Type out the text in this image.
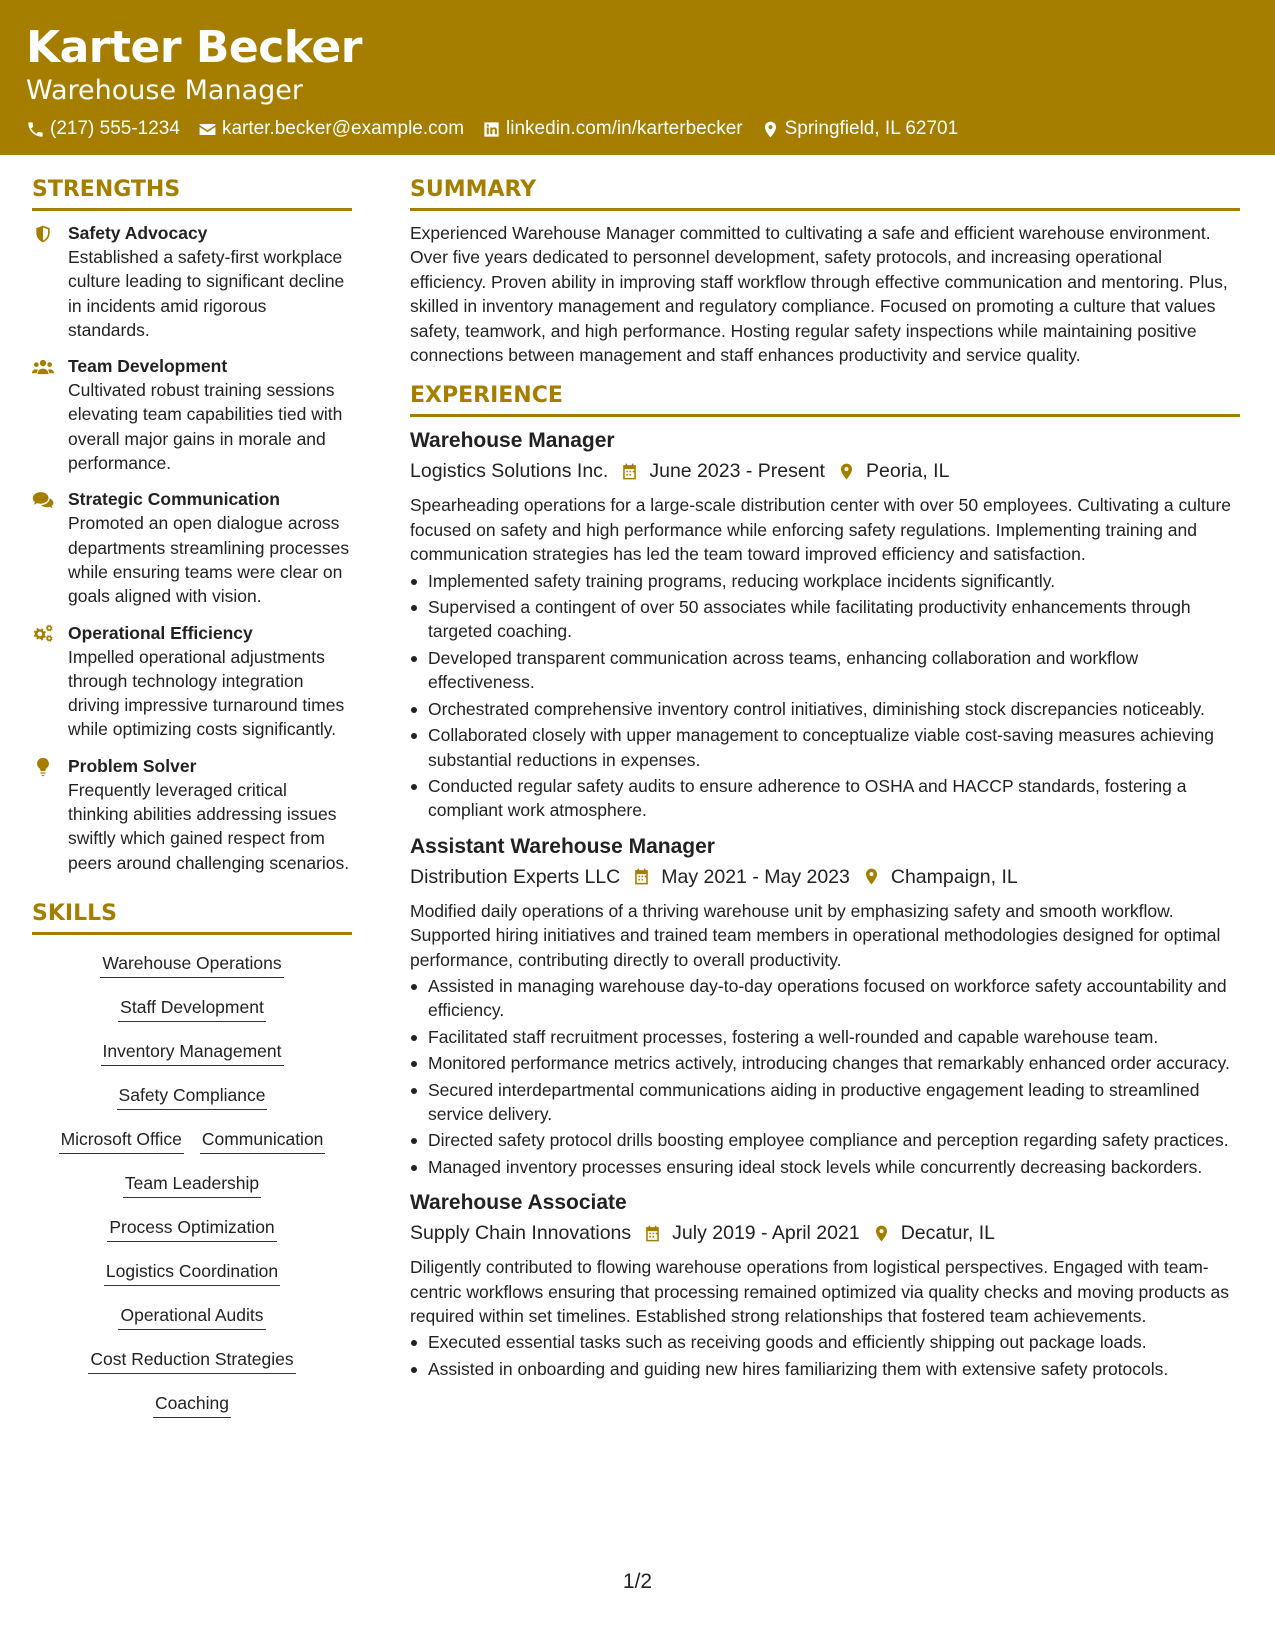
Karter Becker
Warehouse Manager
(217) 555-1234 karter.becker@example.com linkedin.com/in/karterbecker Springfield, IL 62701
STRENGTHS
Safety Advocacy
Established a safety-first workplace culture leading to significant decline in incidents amid rigorous standards.
Team Development
Cultivated robust training sessions elevating team capabilities tied with overall major gains in morale and performance.
Strategic Communication
Promoted an open dialogue across departments streamlining processes while ensuring teams were clear on goals aligned with vision.
Operational Efficiency
Impelled operational adjustments through technology integration driving impressive turnaround times while optimizing costs significantly.
Problem Solver
Frequently leveraged critical thinking abilities addressing issues swiftly which gained respect from peers around challenging scenarios.
SKILLS
Warehouse Operations
Staff Development
Inventory Management
Safety Compliance
Microsoft Office Communication
Team Leadership
Process Optimization
Logistics Coordination
Operational Audits
Cost Reduction Strategies
Coaching
SUMMARY
Experienced Warehouse Manager committed to cultivating a safe and efficient warehouse environment. Over five years dedicated to personnel development, safety protocols, and increasing operational efficiency. Proven ability in improving staff workflow through effective communication and mentoring. Plus, skilled in inventory management and regulatory compliance. Focused on promoting a culture that values safety, teamwork, and high performance. Hosting regular safety inspections while maintaining positive connections between management and staff enhances productivity and service quality.
EXPERIENCE
Warehouse Manager
Logistics Solutions Inc. June 2023 - Present Peoria, IL
Spearheading operations for a large-scale distribution center with over 50 employees. Cultivating a culture focused on safety and high performance while enforcing safety regulations. Implementing training and communication strategies has led the team toward improved efficiency and satisfaction.
Implemented safety training programs, reducing workplace incidents significantly.
Supervised a contingent of over 50 associates while facilitating productivity enhancements through targeted coaching.
Developed transparent communication across teams, enhancing collaboration and workflow effectiveness.
Orchestrated comprehensive inventory control initiatives, diminishing stock discrepancies noticeably.
Collaborated closely with upper management to conceptualize viable cost-saving measures achieving substantial reductions in expenses.
Conducted regular safety audits to ensure adherence to OSHA and HACCP standards, fostering a compliant work atmosphere.
Assistant Warehouse Manager
Distribution Experts LLC May 2021 - May 2023 Champaign, IL
Modified daily operations of a thriving warehouse unit by emphasizing safety and smooth workflow. Supported hiring initiatives and trained team members in operational methodologies designed for optimal performance, contributing directly to overall productivity.
Assisted in managing warehouse day-to-day operations focused on workforce safety accountability and efficiency.
Facilitated staff recruitment processes, fostering a well-rounded and capable warehouse team.
Monitored performance metrics actively, introducing changes that remarkably enhanced order accuracy.
Secured interdepartmental communications aiding in productive engagement leading to streamlined service delivery.
Directed safety protocol drills boosting employee compliance and perception regarding safety practices.
Managed inventory processes ensuring ideal stock levels while concurrently decreasing backorders.
Warehouse Associate
Supply Chain Innovations July 2019 - April 2021 Decatur, IL
Diligently contributed to flowing warehouse operations from logistical perspectives. Engaged with team-centric workflows ensuring that processing remained optimized via quality checks and moving products as required within set timelines. Established strong relationships that fostered team achievements.
Executed essential tasks such as receiving goods and efficiently shipping out package loads.
Assisted in onboarding and guiding new hires familiarizing them with extensive safety protocols.
1/2
